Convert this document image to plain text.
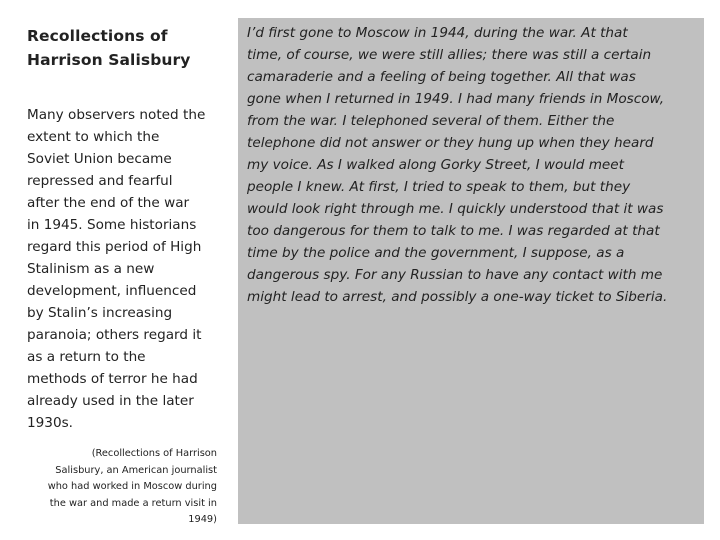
Recollections of
Harrison Salisbury
Many observers noted the
extent to which the
Soviet Union became
repressed and fearful
after the end of the war
in 1945. Some historians
regard this period of High
Stalinism as a new
development, influenced
by Stalin’s increasing
paranoia; others regard it
as a return to the
methods of terror he had
already used in the later
1930s.
(Recollections of Harrison
Salisbury, an American journalist
who had worked in Moscow during
the war and made a return visit in
1949)
I’d first gone to Moscow in 1944, during the war. At that
time, of course, we were still allies; there was still a certain
camaraderie and a feeling of being together. All that was
gone when I returned in 1949. I had many friends in Moscow,
from the war. I telephoned several of them. Either the
telephone did not answer or they hung up when they heard
my voice. As I walked along Gorky Street, I would meet
people I knew. At first, I tried to speak to them, but they
would look right through me. I quickly understood that it was
too dangerous for them to talk to me. I was regarded at that
time by the police and the government, I suppose, as a
dangerous spy. For any Russian to have any contact with me
might lead to arrest, and possibly a one-way ticket to Siberia.
